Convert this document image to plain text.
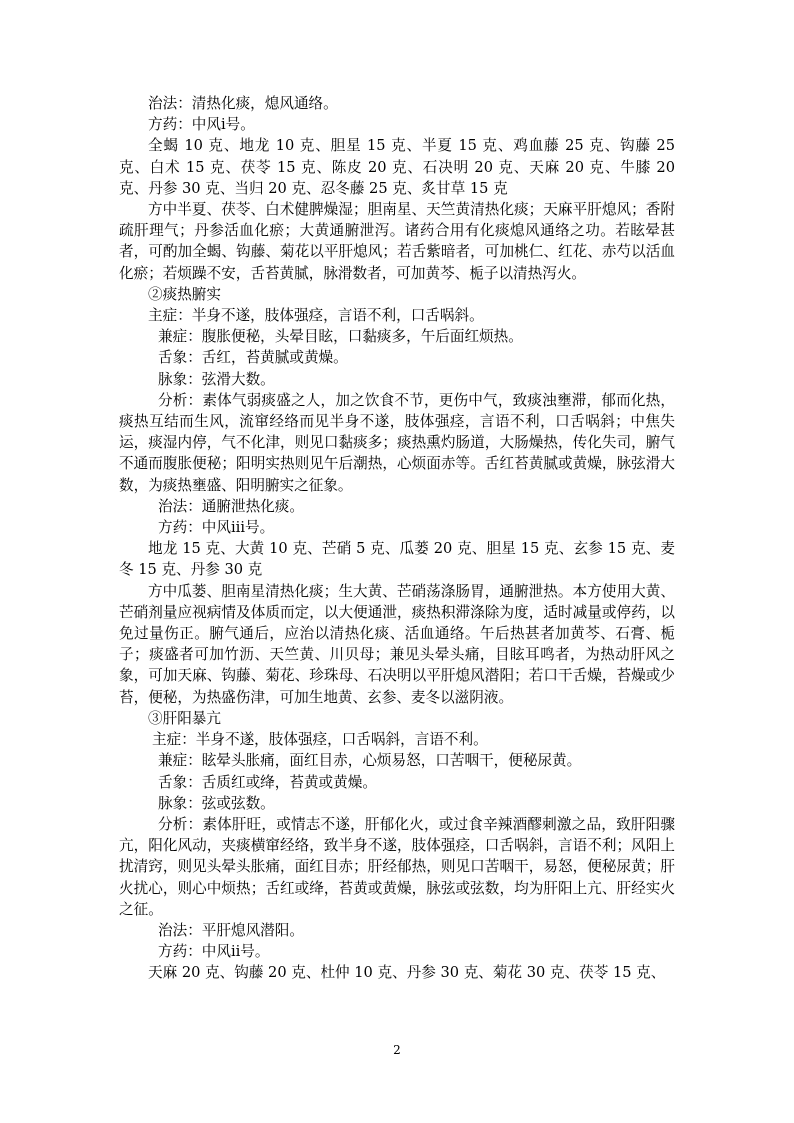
治法：清热化痰，熄风通络。

方药：中风ⅰ号。

全蝎 10 克、地龙 10 克、胆星 15 克、半夏 15 克、鸡血藤 25 克、钩藤 25 克、白术 15 克、茯苓 15 克、陈皮 20 克、石决明 20 克、天麻 20 克、牛膝 20 克、丹参 30 克、当归 20 克、忍冬藤 25 克、炙甘草 15 克

方中半夏、茯苓、白术健脾燥湿；胆南星、天竺黄清热化痰；天麻平肝熄风；香附疏肝理气；丹参活血化瘀；大黄通腑泄泻。诸药合用有化痰熄风通络之功。若眩晕甚者，可酌加全蝎、钩藤、菊花以平肝熄风；若舌紫暗者，可加桃仁、红花、赤芍以活血化瘀；若烦躁不安，舌苔黄腻，脉滑数者，可加黄芩、栀子以清热泻火。

②痰热腑实

主症：半身不遂，肢体强痉，言语不利，口舌㖞斜。

兼症：腹胀便秘，头晕目眩，口黏痰多，午后面红烦热。

舌象：舌红，苔黄腻或黄燥。

脉象：弦滑大数。

分析：素体气弱痰盛之人，加之饮食不节，更伤中气，致痰浊壅滞，郁而化热，痰热互结而生风，流窜经络而见半身不遂，肢体强痉，言语不利，口舌㖞斜；中焦失运，痰湿内停，气不化津，则见口黏痰多；痰热熏灼肠道，大肠燥热，传化失司，腑气不通而腹胀便秘；阳明实热则见午后潮热，心烦面赤等。舌红苔黄腻或黄燥，脉弦滑大数，为痰热壅盛、阳明腑实之征象。

治法：通腑泄热化痰。

方药：中风ⅲ号。

地龙 15 克、大黄 10 克、芒硝 5 克、瓜蒌 20 克、胆星 15 克、玄参 15 克、麦冬 15 克、丹参 30 克

方中瓜蒌、胆南星清热化痰；生大黄、芒硝荡涤肠胃，通腑泄热。本方使用大黄、芒硝剂量应视病情及体质而定，以大便通泄，痰热积滞涤除为度，适时减量或停药，以免过量伤正。腑气通后，应治以清热化痰、活血通络。午后热甚者加黄芩、石膏、栀子；痰盛者可加竹沥、天竺黄、川贝母；兼见头晕头痛，目眩耳鸣者，为热动肝风之象，可加天麻、钩藤、菊花、珍珠母、石决明以平肝熄风潜阳；若口干舌燥，苔燥或少苔，便秘，为热盛伤津，可加生地黄、玄参、麦冬以滋阴液。

③肝阳暴亢

主症：半身不遂，肢体强痉，口舌㖞斜，言语不利。

兼症：眩晕头胀痛，面红目赤，心烦易怒，口苦咽干，便秘尿黄。

舌象：舌质红或绛，苔黄或黄燥。

脉象：弦或弦数。

分析：素体肝旺，或情志不遂，肝郁化火，或过食辛辣酒醪刺激之品，致肝阳骤亢，阳化风动，夹痰横窜经络，致半身不遂，肢体强痉，口舌㖞斜，言语不利；风阳上扰清窍，则见头晕头胀痛，面红目赤；肝经郁热，则见口苦咽干，易怒，便秘尿黄；肝火扰心，则心中烦热；舌红或绛，苔黄或黄燥，脉弦或弦数，均为肝阳上亢、肝经实火之征。

治法：平肝熄风潜阳。

方药：中风ⅱ号。

天麻 20 克、钩藤 20 克、杜仲 10 克、丹参 30 克、菊花 30 克、茯苓 15 克、

2
